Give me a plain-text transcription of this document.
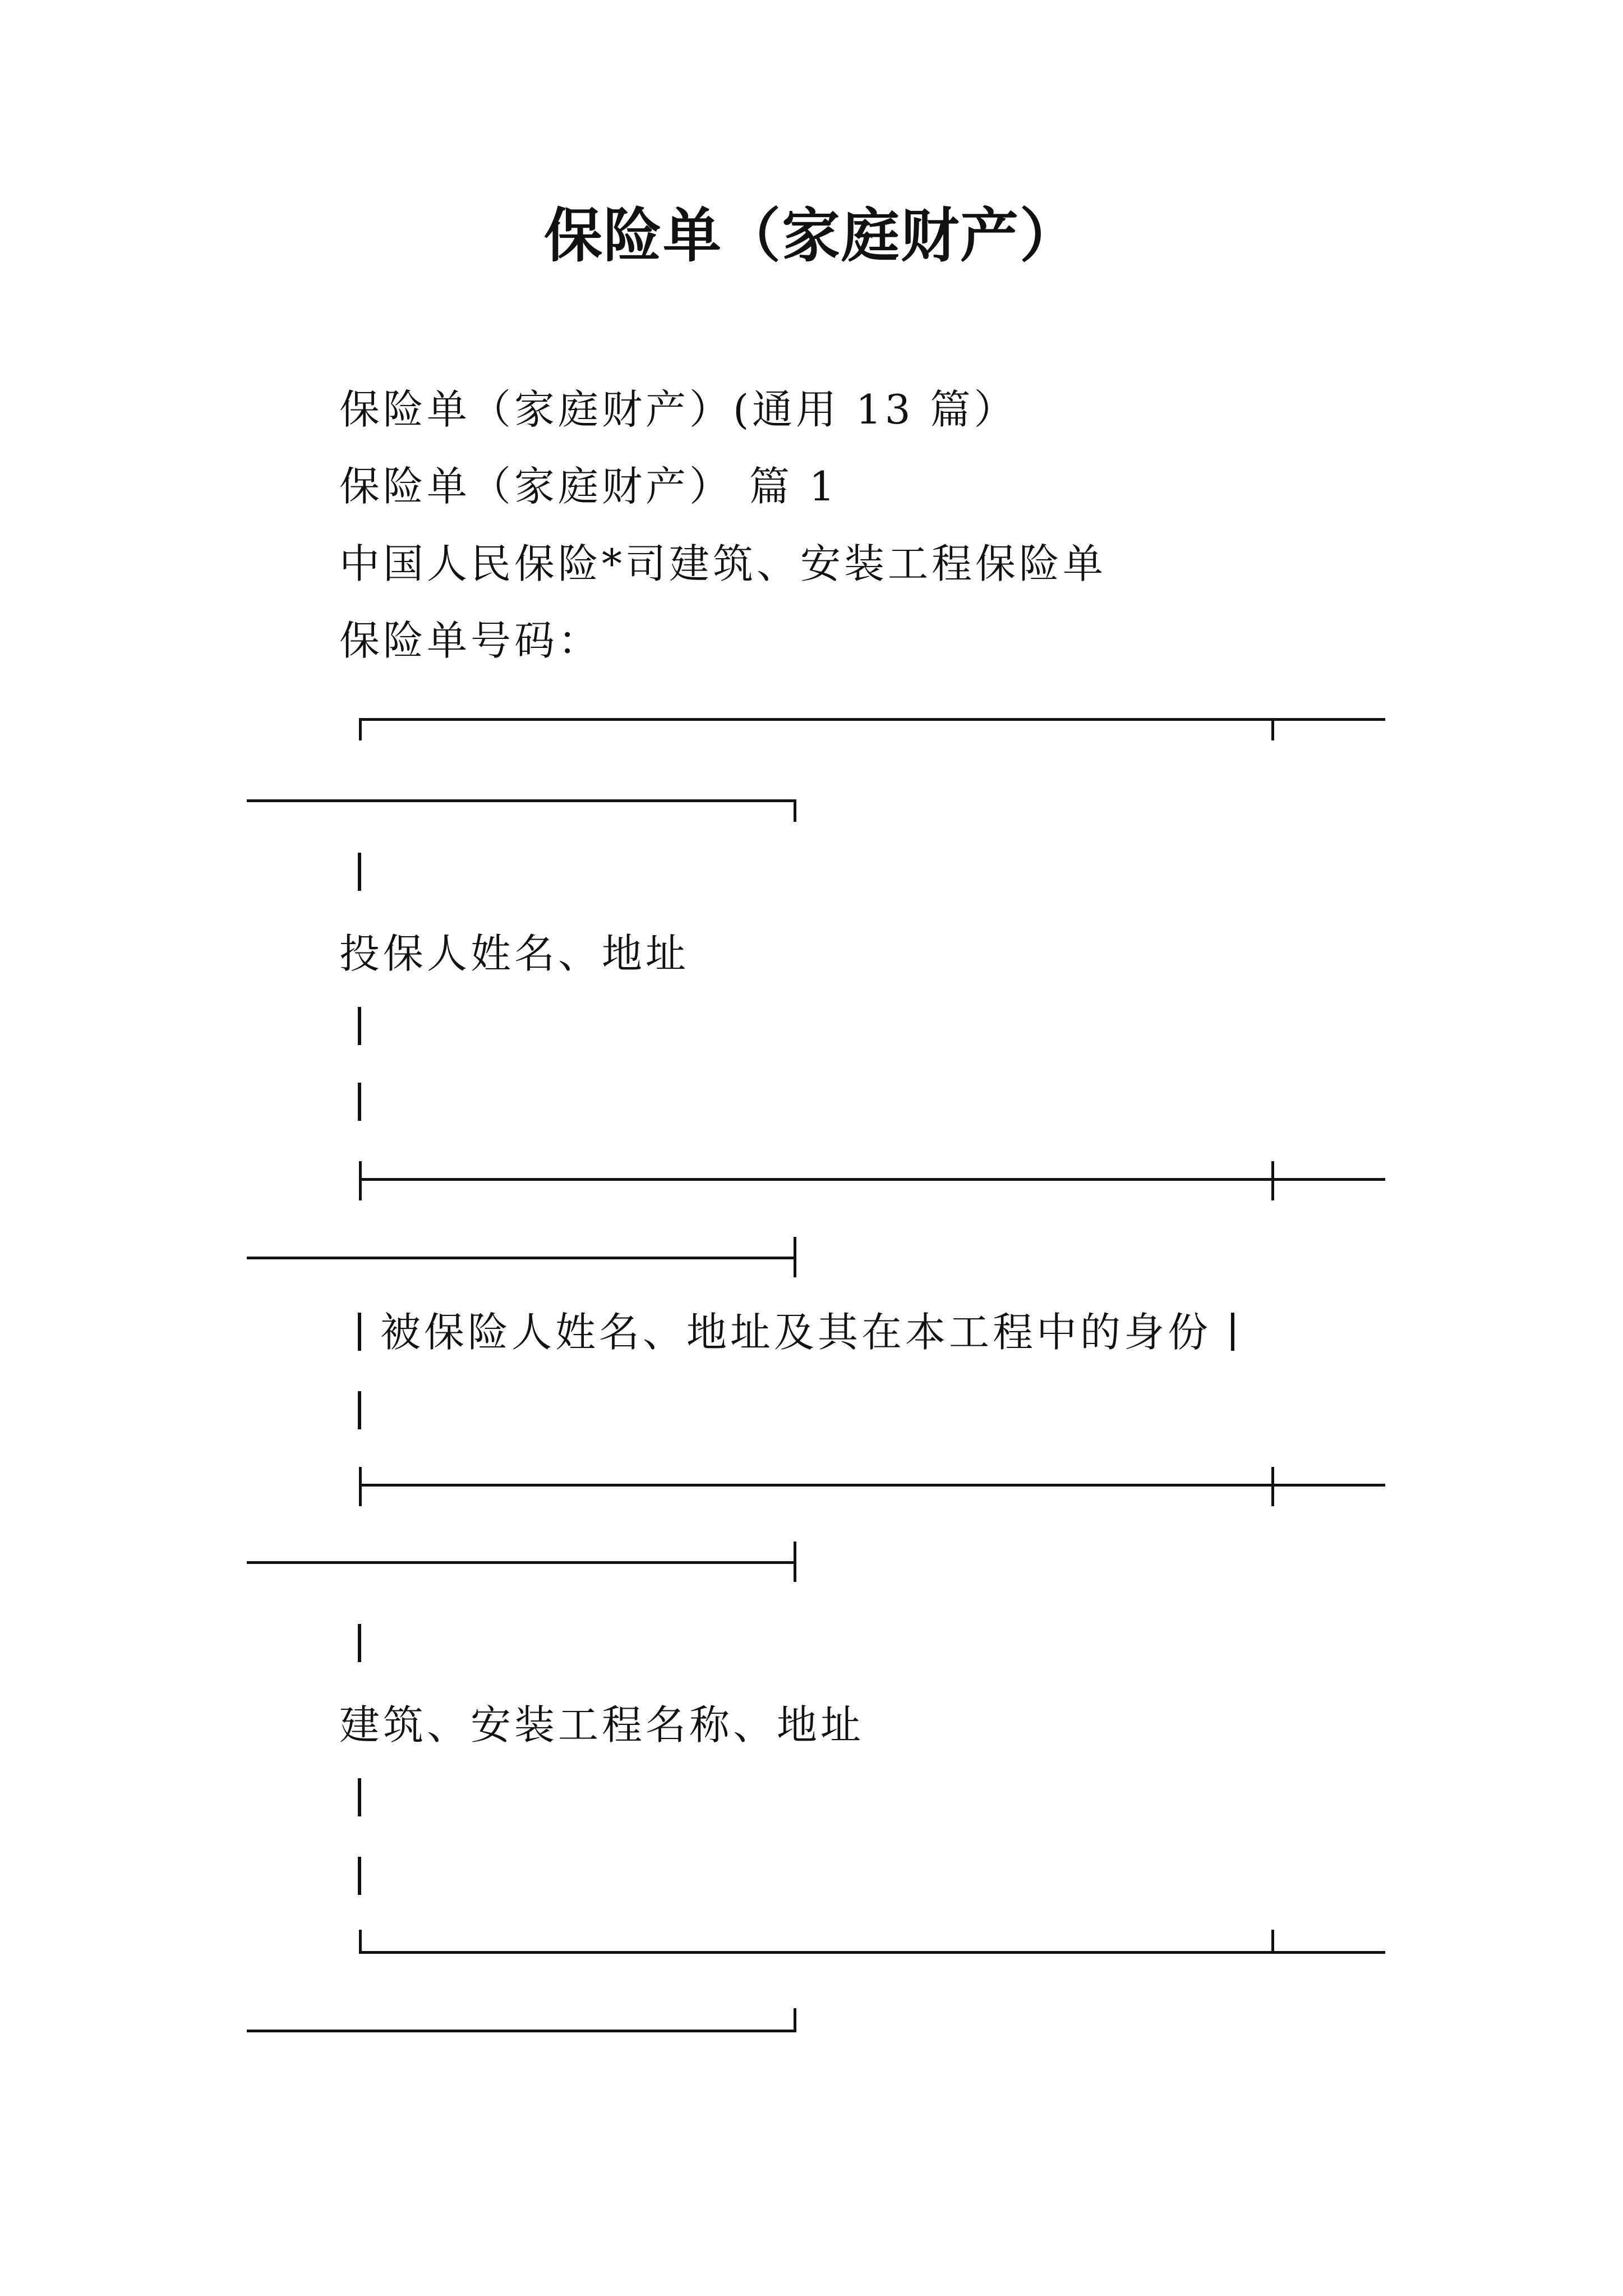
保险单（家庭财产）
保险单（家庭财产）(通用 13 篇）
保险单（家庭财产） 篇 1
中国人民保险*司建筑、安装工程保险单
保险单号码：
投保人姓名、地址
被保险人姓名、地址及其在本工程中的身份
建筑、安装工程名称、地址
